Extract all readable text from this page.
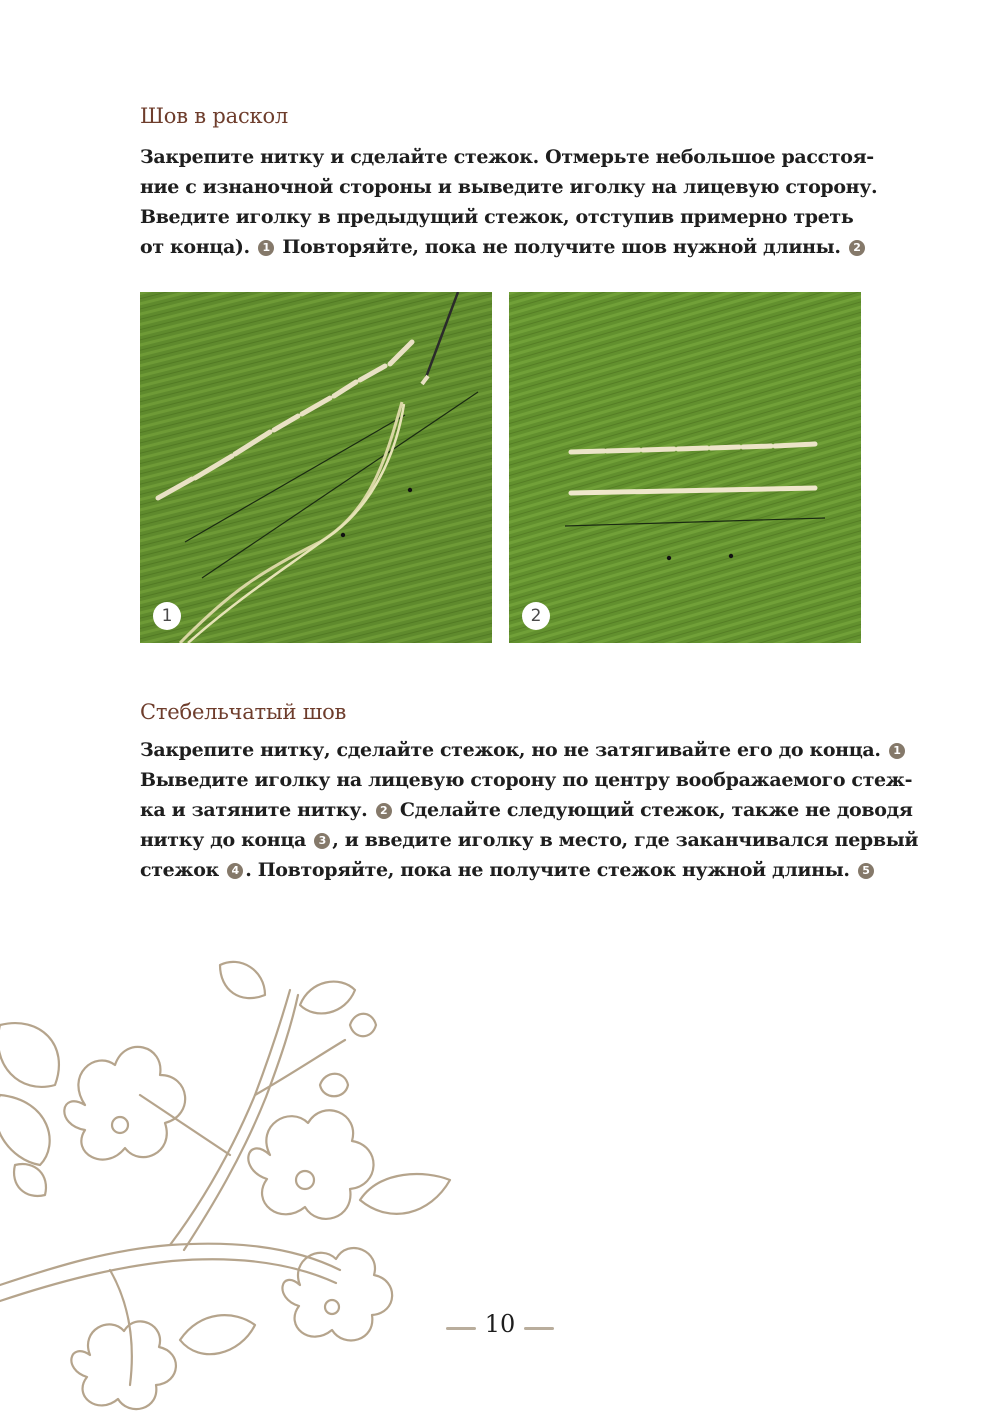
Шов в раскол
Закрепите нитку и сделайте стежок. Отмерьте небольшое расстоя-
ние с изнаночной стороны и выведите иголку на лицевую сторону.
Введите иголку в предыдущий стежок, отступив примерно треть
от конца). 1 Повторяйте, пока не получите шов нужной длины. 2
1	2
Стебельчатый шов
Закрепите нитку, сделайте стежок, но не затягивайте его до конца. 1
Выведите иголку на лицевую сторону по центру воображаемого стеж-
ка и затяните нитку. 2 Сделайте следующий стежок, также не доводя
нитку до конца 3 , и введите иголку в место, где заканчивался первый
стежок 4 . Повторяйте, пока не получите стежок нужной длины. 5
10
